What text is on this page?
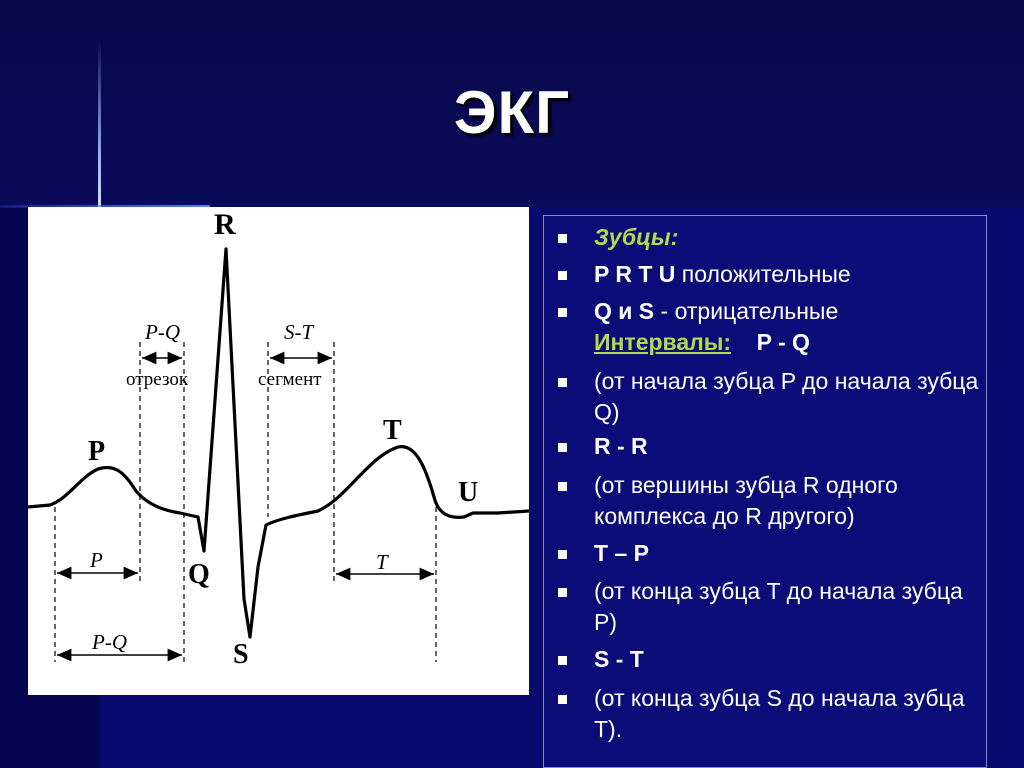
ЭКГ
R
P
Q
S
T
U
P-Q	S-T
отрезок	сегмент
P
P-Q
T
Зубцы:
P R T U положительные
Q и S - отрицательные
Интервалы: P - Q
(от начала зубца P до начала зубца Q)
R - R
(от вершины зубца R одного комплекса до R другого)
T – P
(от конца зубца T до начала зубца P)
S - T
(от конца зубца S до начала зубца T).
